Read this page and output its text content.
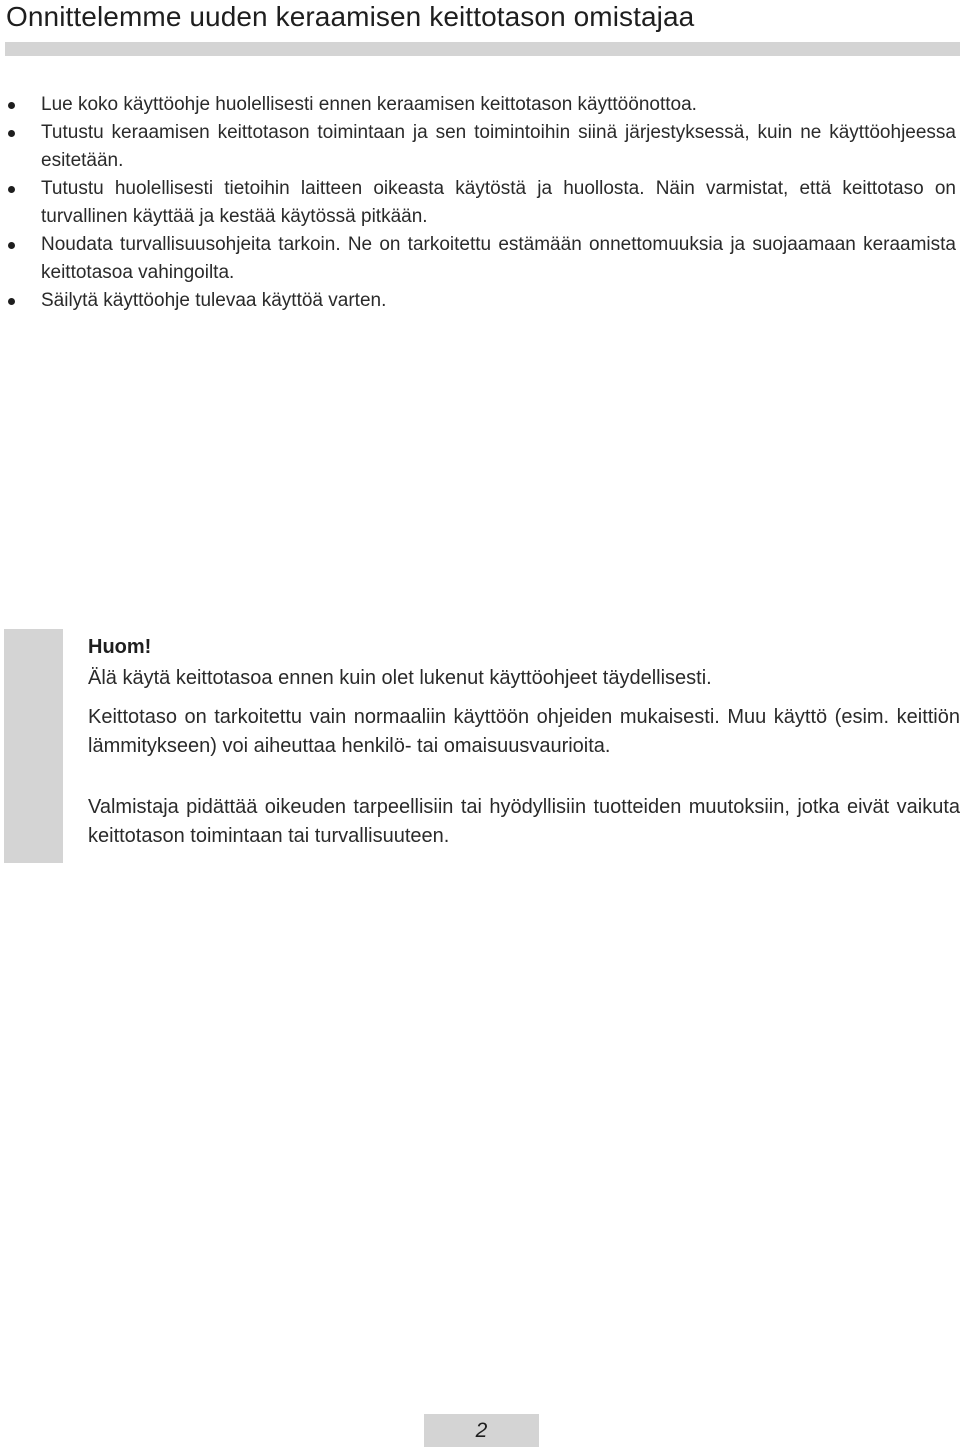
Onnittelemme uuden keraamisen keittotason omistajaa
Lue koko käyttöohje huolellisesti ennen keraamisen keittotason käyttöönottoa.
Tutustu keraamisen keittotason toimintaan ja sen toimintoihin siinä järjestyksessä, kuin ne käyttöohjeessa esitetään.
Tutustu huolellisesti tietoihin laitteen oikeasta käytöstä ja huollosta. Näin varmistat, että keittotaso on turvallinen käyttää ja kestää käytössä pitkään.
Noudata turvallisuusohjeita tarkoin. Ne on tarkoitettu estämään onnettomuuksia ja suojaamaan keraamista keittotasoa vahingoilta.
Säilytä käyttöohje tulevaa käyttöä varten.

Huom!

Älä käytä keittotasoa ennen kuin olet lukenut käyttöohjeet täydellisesti.

Keittotaso on tarkoitettu vain normaaliin käyttöön ohjeiden mukaisesti. Muu käyttö (esim. keittiön lämmitykseen) voi aiheuttaa henkilö- tai omaisuusvaurioita.

Valmistaja pidättää oikeuden tarpeellisiin tai hyödyllisiin tuotteiden muutoksiin, jotka eivät vaikuta keittotason toimintaan tai turvallisuuteen.

2
